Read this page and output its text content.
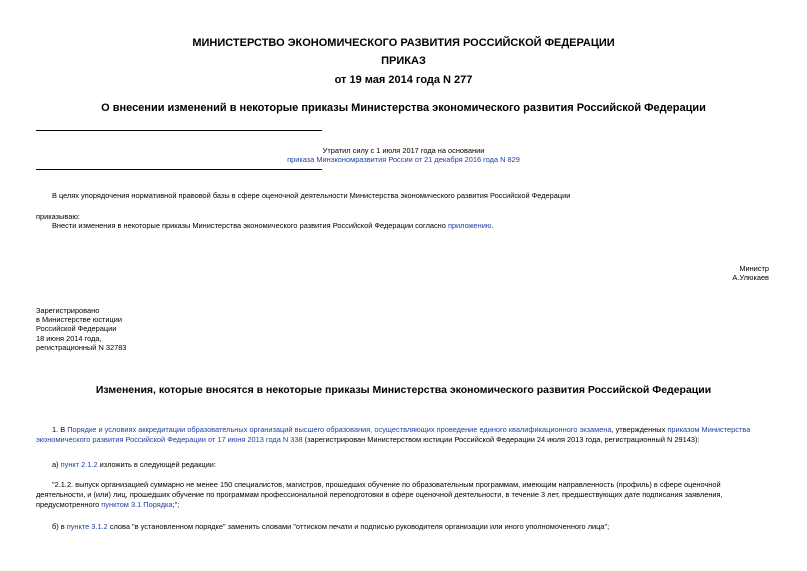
МИНИСТЕРСТВО ЭКОНОМИЧЕСКОГО РАЗВИТИЯ РОССИЙСКОЙ ФЕДЕРАЦИИ
ПРИКАЗ
от 19 мая 2014 года N 277
О внесении изменений в некоторые приказы Министерства экономического развития Российской Федерации
Утратил силу с 1 июля 2017 года на основании
приказа Минэкономразвития России от 21 декабря 2016 года N 829
В целях упорядочения нормативной правовой базы в сфере оценочной деятельности Министерства экономического развития Российской Федерации
приказываю:
Внести изменения в некоторые приказы Министерства экономического развития Российской Федерации согласно приложению.
Министр
А.Улюкаев
Зарегистрировано
в Министерстве юстиции
Российской Федерации
18 июня 2014 года,
регистрационный N 32783
Изменения, которые вносятся в некоторые приказы Министерства экономического развития Российской Федерации
1. В Порядке и условиях аккредитации образовательных организаций высшего образования, осуществляющих проведение единого квалификационного экзамена, утвержденных приказом Министерства экономического развития Российской Федерации от 17 июня 2013 года N 338 (зарегистрирован Министерством юстиции Российской Федерации 24 июля 2013 года, регистрационный N 29143):
а) пункт 2.1.2 изложить в следующей редакции:
"2.1.2. выпуск организацией суммарно не менее 150 специалистов, магистров, прошедших обучение по образовательным программам, имеющим направленность (профиль) в сфере оценочной деятельности, и (или) лиц, прошедших обучение по программам профессиональной переподготовки в сфере оценочной деятельности, в течение 3 лет, предшествующих дате подписания заявления, предусмотренного пунктом 3.1 Порядка;";
б) в пункте 3.1.2 слова "в установленном порядке" заменить словами "оттиском печати и подписью руководителя организации или иного уполномоченного лица";
